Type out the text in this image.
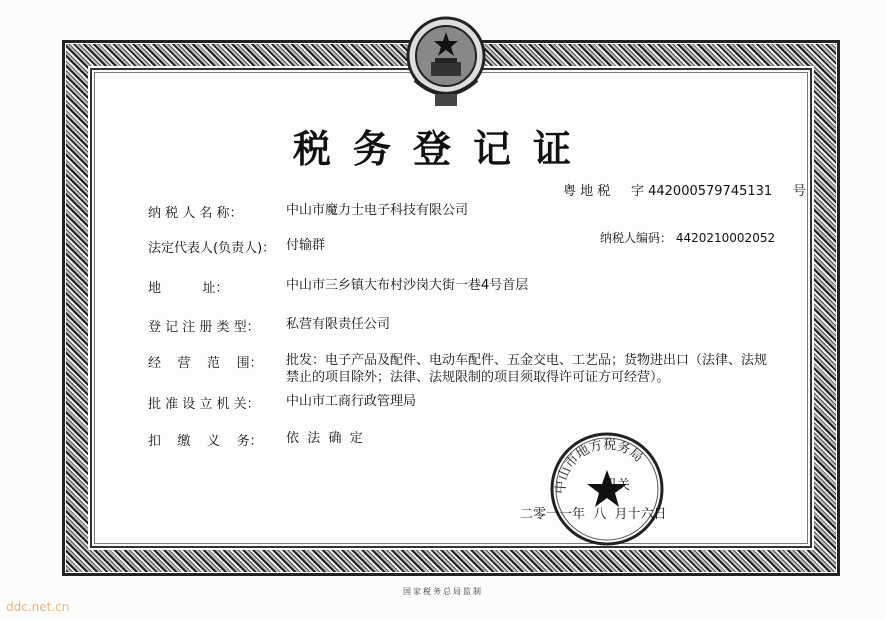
税务登记证
粤 地 税 字 442000579745131 号
纳税人编码： 4420210002052
纳 税 人 名 称：	中山市魔力士电子科技有限公司
法定代表人(负责人)： 付输群
地          址：	中山市三乡镇大布村沙岗大街一巷4号首层
登 记 注 册 类 型：	私营有限责任公司
经    营    范    围：	批发：电子产品及配件、电动车配件、五金交电、工艺品；货物进出口（法律、法规禁止的项目除外；法律、法规限制的项目须取得许可证方可经营）。
批 准 设 立 机 关：	中山市工商行政管理局
扣    缴    义    务：	依  法  确  定
中山市地方税务局
机关
二零一一年  八  月十六日
国家税务总局监制
ddc.net.cn
